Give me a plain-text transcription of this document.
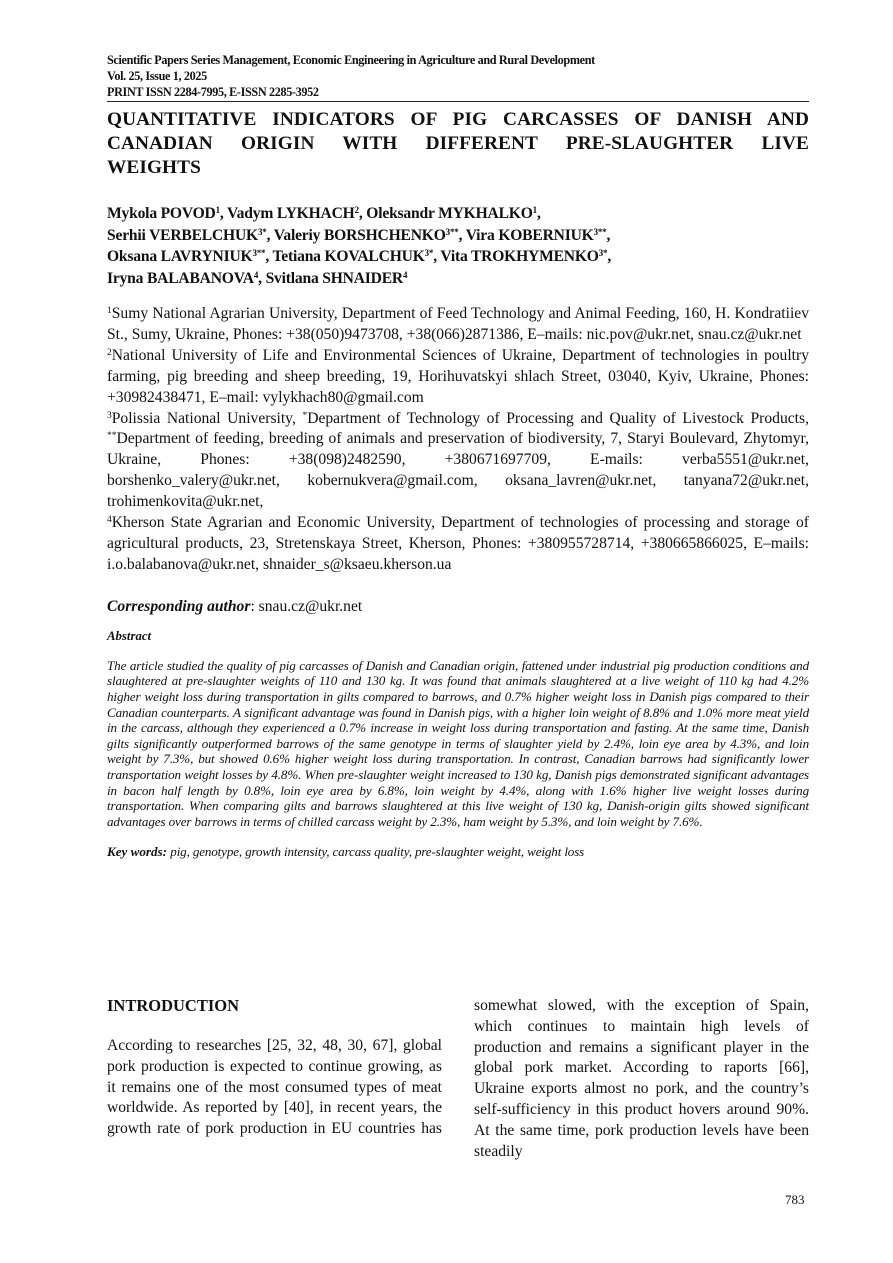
Scientific Papers Series Management, Economic Engineering in Agriculture and Rural Development
Vol. 25, Issue 1, 2025
PRINT ISSN 2284-7995, E-ISSN 2285-3952
QUANTITATIVE INDICATORS OF PIG CARCASSES OF DANISH AND
CANADIAN ORIGIN WITH DIFFERENT PRE-SLAUGHTER LIVE
WEIGHTS
Mykola POVOD$^1$, Vadym LYKHACH$^2$, Oleksandr MYKHALKO$^1$,
Serhii $VERBELCHUK^{3*}$, Valeriy $BORSHCHENKO^{3**}$, Vira $KOBERNIUK^{3**}$,
Oksana $LAVRYNIUK^{3**}$, Tetiana $KOVALCHUK^{3*}$, Vita $TROKHYMENKO^{3*}$,
Iryna BALABANOVA$^4$, Svitlana SHNAIDER$^4$
$^1$Sumy National Agrarian University, Department of Feed Technology and Animal Feeding, 160, H. Kondratiiev St., Sumy, Ukraine, Phones: +38(050)9473708, +38(066)2871386, E–mails: nic.pov@ukr.net, snau.cz@ukr.net
$^2$National University of Life and Environmental Sciences of Ukraine, Department of technologies in poultry farming, pig breeding and sheep breeding, 19, Horihuvatskyi shlach Street, 03040, Kyiv, Ukraine, Phones: +30982438471, E–mail: vylykhach80@gmail.com
$^3$Polissia National University, *Department of Technology of Processing and Quality of Livestock Products, **Department of feeding, breeding of animals and preservation of biodiversity, 7, Staryi Boulevard, Zhytomyr, Ukraine, Phones: +38(098)2482590, +380671697709, E-mails: verba5551@ukr.net, borshenko_valery@ukr.net, kobernukvera@gmail.com, oksana_lavren@ukr.net, tanyana72@ukr.net, trohimenkovita@ukr.net,
$^4$Kherson State Agrarian and Economic University, Department of technologies of processing and storage of agricultural products, 23, Stretenskaya Street, Kherson, Phones: +380955728714, +380665866025, E–mails: i.o.balabanova@ukr.net, shnaider_s@ksaeu.kherson.ua
Corresponding author: snau.cz@ukr.net
Abstract
The article studied the quality of pig carcasses of Danish and Canadian origin, fattened under industrial pig production conditions and slaughtered at pre-slaughter weights of 110 and 130 kg. It was found that animals slaughtered at a live weight of 110 kg had 4.2% higher weight loss during transportation in gilts compared to barrows, and 0.7% higher weight loss in Danish pigs compared to their Canadian counterparts. A significant advantage was found in Danish pigs, with a higher loin weight of 8.8% and 1.0% more meat yield in the carcass, although they experienced a 0.7% increase in weight loss during transportation and fasting. At the same time, Danish gilts significantly outperformed barrows of the same genotype in terms of slaughter yield by 2.4%, loin eye area by 4.3%, and loin weight by 7.3%, but showed 0.6% higher weight loss during transportation. In contrast, Canadian barrows had significantly lower transportation weight losses by 4.8%. When pre-slaughter weight increased to 130 kg, Danish pigs demonstrated significant advantages in bacon half length by 0.8%, loin eye area by 6.8%, loin weight by 4.4%, along with 1.6% higher live weight losses during transportation. When comparing gilts and barrows slaughtered at this live weight of 130 kg, Danish-origin gilts showed significant advantages over barrows in terms of chilled carcass weight by 2.3%, ham weight by 5.3%, and loin weight by 7.6%.
Key words: pig, genotype, growth intensity, carcass quality, pre-slaughter weight, weight loss
INTRODUCTION
According to researches [25, 32, 48, 30, 67], global pork production is expected to continue growing, as it remains one of the most consumed types of meat worldwide. As reported by [40], in recent years, the growth rate of pork production in EU countries has
somewhat slowed, with the exception of Spain, which continues to maintain high levels of production and remains a significant player in the global pork market. According to raports [66], Ukraine exports almost no pork, and the country’s self-sufficiency in this product hovers around 90%. At the same time, pork production levels have been steadily
783
